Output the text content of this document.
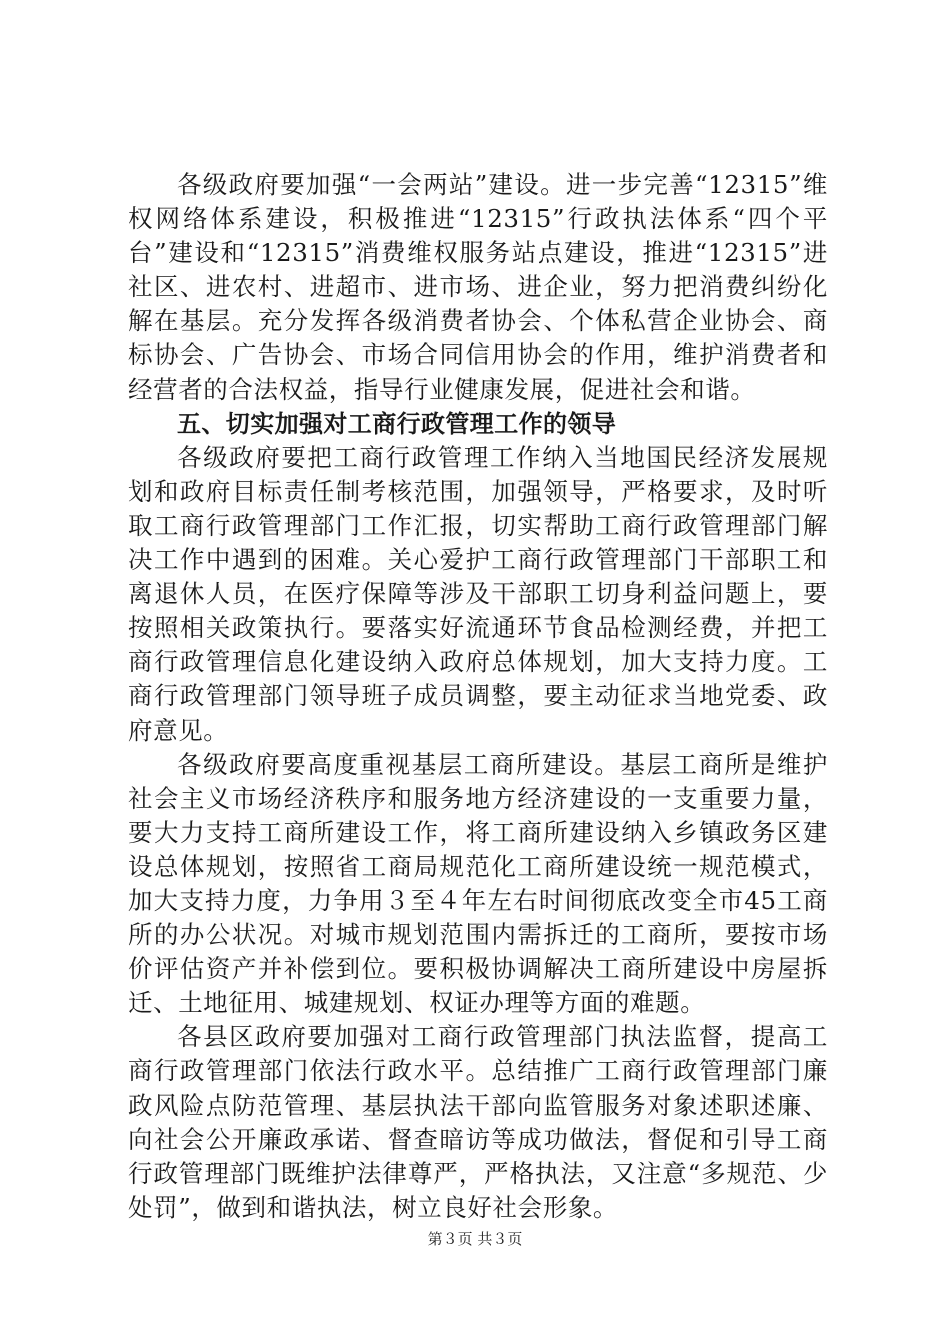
各级政府要加强“一会两站”建设。进一步完善“12315”维权网络体系建设，积极推进“12315”行政执法体系“四个平台”建设和“12315”消费维权服务站点建设，推进“12315”进社区、进农村、进超市、进市场、进企业，努力把消费纠纷化解在基层。充分发挥各级消费者协会、个体私营企业协会、商标协会、广告协会、市场合同信用协会的作用，维护消费者和经营者的合法权益，指导行业健康发展，促进社会和谐。

五、切实加强对工商行政管理工作的领导

各级政府要把工商行政管理工作纳入当地国民经济发展规划和政府目标责任制考核范围，加强领导，严格要求，及时听取工商行政管理部门工作汇报，切实帮助工商行政管理部门解决工作中遇到的困难。关心爱护工商行政管理部门干部职工和离退休人员，在医疗保障等涉及干部职工切身利益问题上，要按照相关政策执行。要落实好流通环节食品检测经费，并把工商行政管理信息化建设纳入政府总体规划，加大支持力度。工商行政管理部门领导班子成员调整，要主动征求当地党委、政府意见。

各级政府要高度重视基层工商所建设。基层工商所是维护社会主义市场经济秩序和服务地方经济建设的一支重要力量，要大力支持工商所建设工作，将工商所建设纳入乡镇政务区建设总体规划，按照省工商局规范化工商所建设统一规范模式，加大支持力度，力争用３至４年左右时间彻底改变全市45工商所的办公状况。对城市规划范围内需拆迁的工商所，要按市场价评估资产并补偿到位。要积极协调解决工商所建设中房屋拆迁、土地征用、城建规划、权证办理等方面的难题。

各县区政府要加强对工商行政管理部门执法监督，提高工商行政管理部门依法行政水平。总结推广工商行政管理部门廉政风险点防范管理、基层执法干部向监管服务对象述职述廉、向社会公开廉政承诺、督查暗访等成功做法，督促和引导工商行政管理部门既维护法律尊严，严格执法，又注意“多规范、少处罚”，做到和谐执法，树立良好社会形象。

第３页 共３页
